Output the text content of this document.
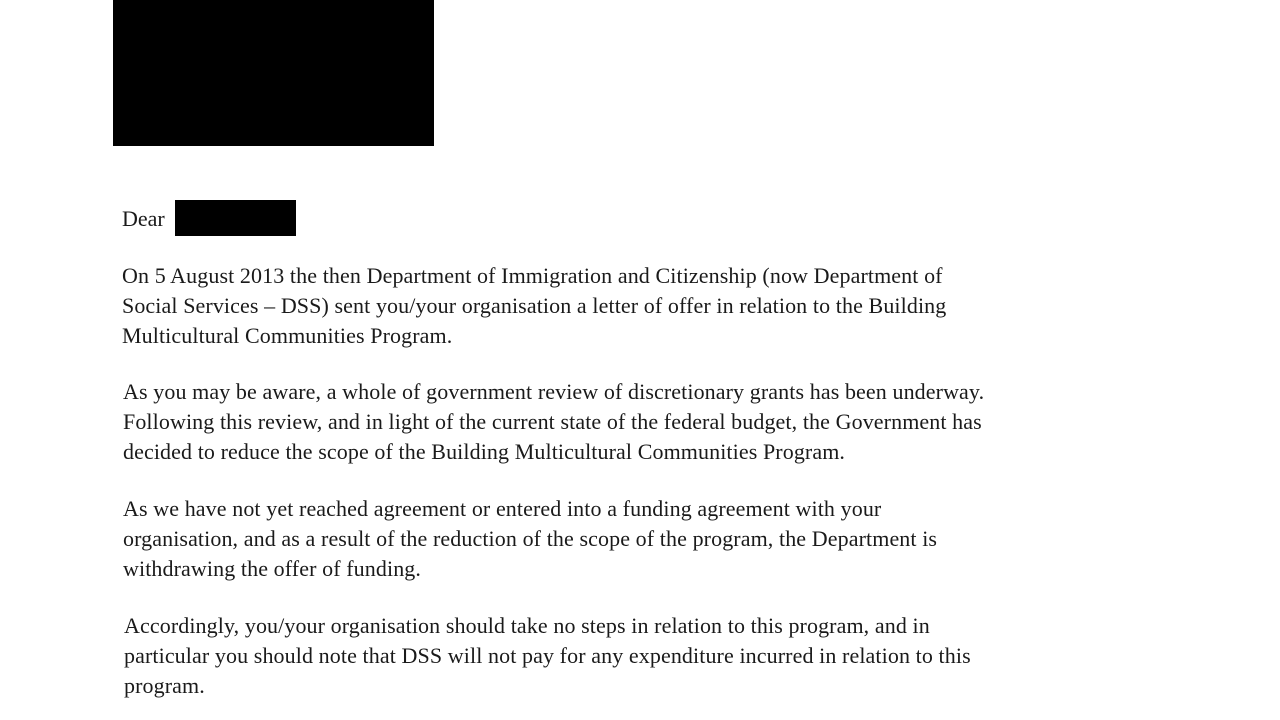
Dear

On 5 August 2013 the then Department of Immigration and Citizenship (now Department of
Social Services – DSS) sent you/your organisation a letter of offer in relation to the Building
Multicultural Communities Program.

As you may be aware, a whole of government review of discretionary grants has been underway.
Following this review, and in light of the current state of the federal budget, the Government has
decided to reduce the scope of the Building Multicultural Communities Program.

As we have not yet reached agreement or entered into a funding agreement with your
organisation, and as a result of the reduction of the scope of the program, the Department is
withdrawing the offer of funding.

Accordingly, you/your organisation should take no steps in relation to this program, and in
particular you should note that DSS will not pay for any expenditure incurred in relation to this
program.
